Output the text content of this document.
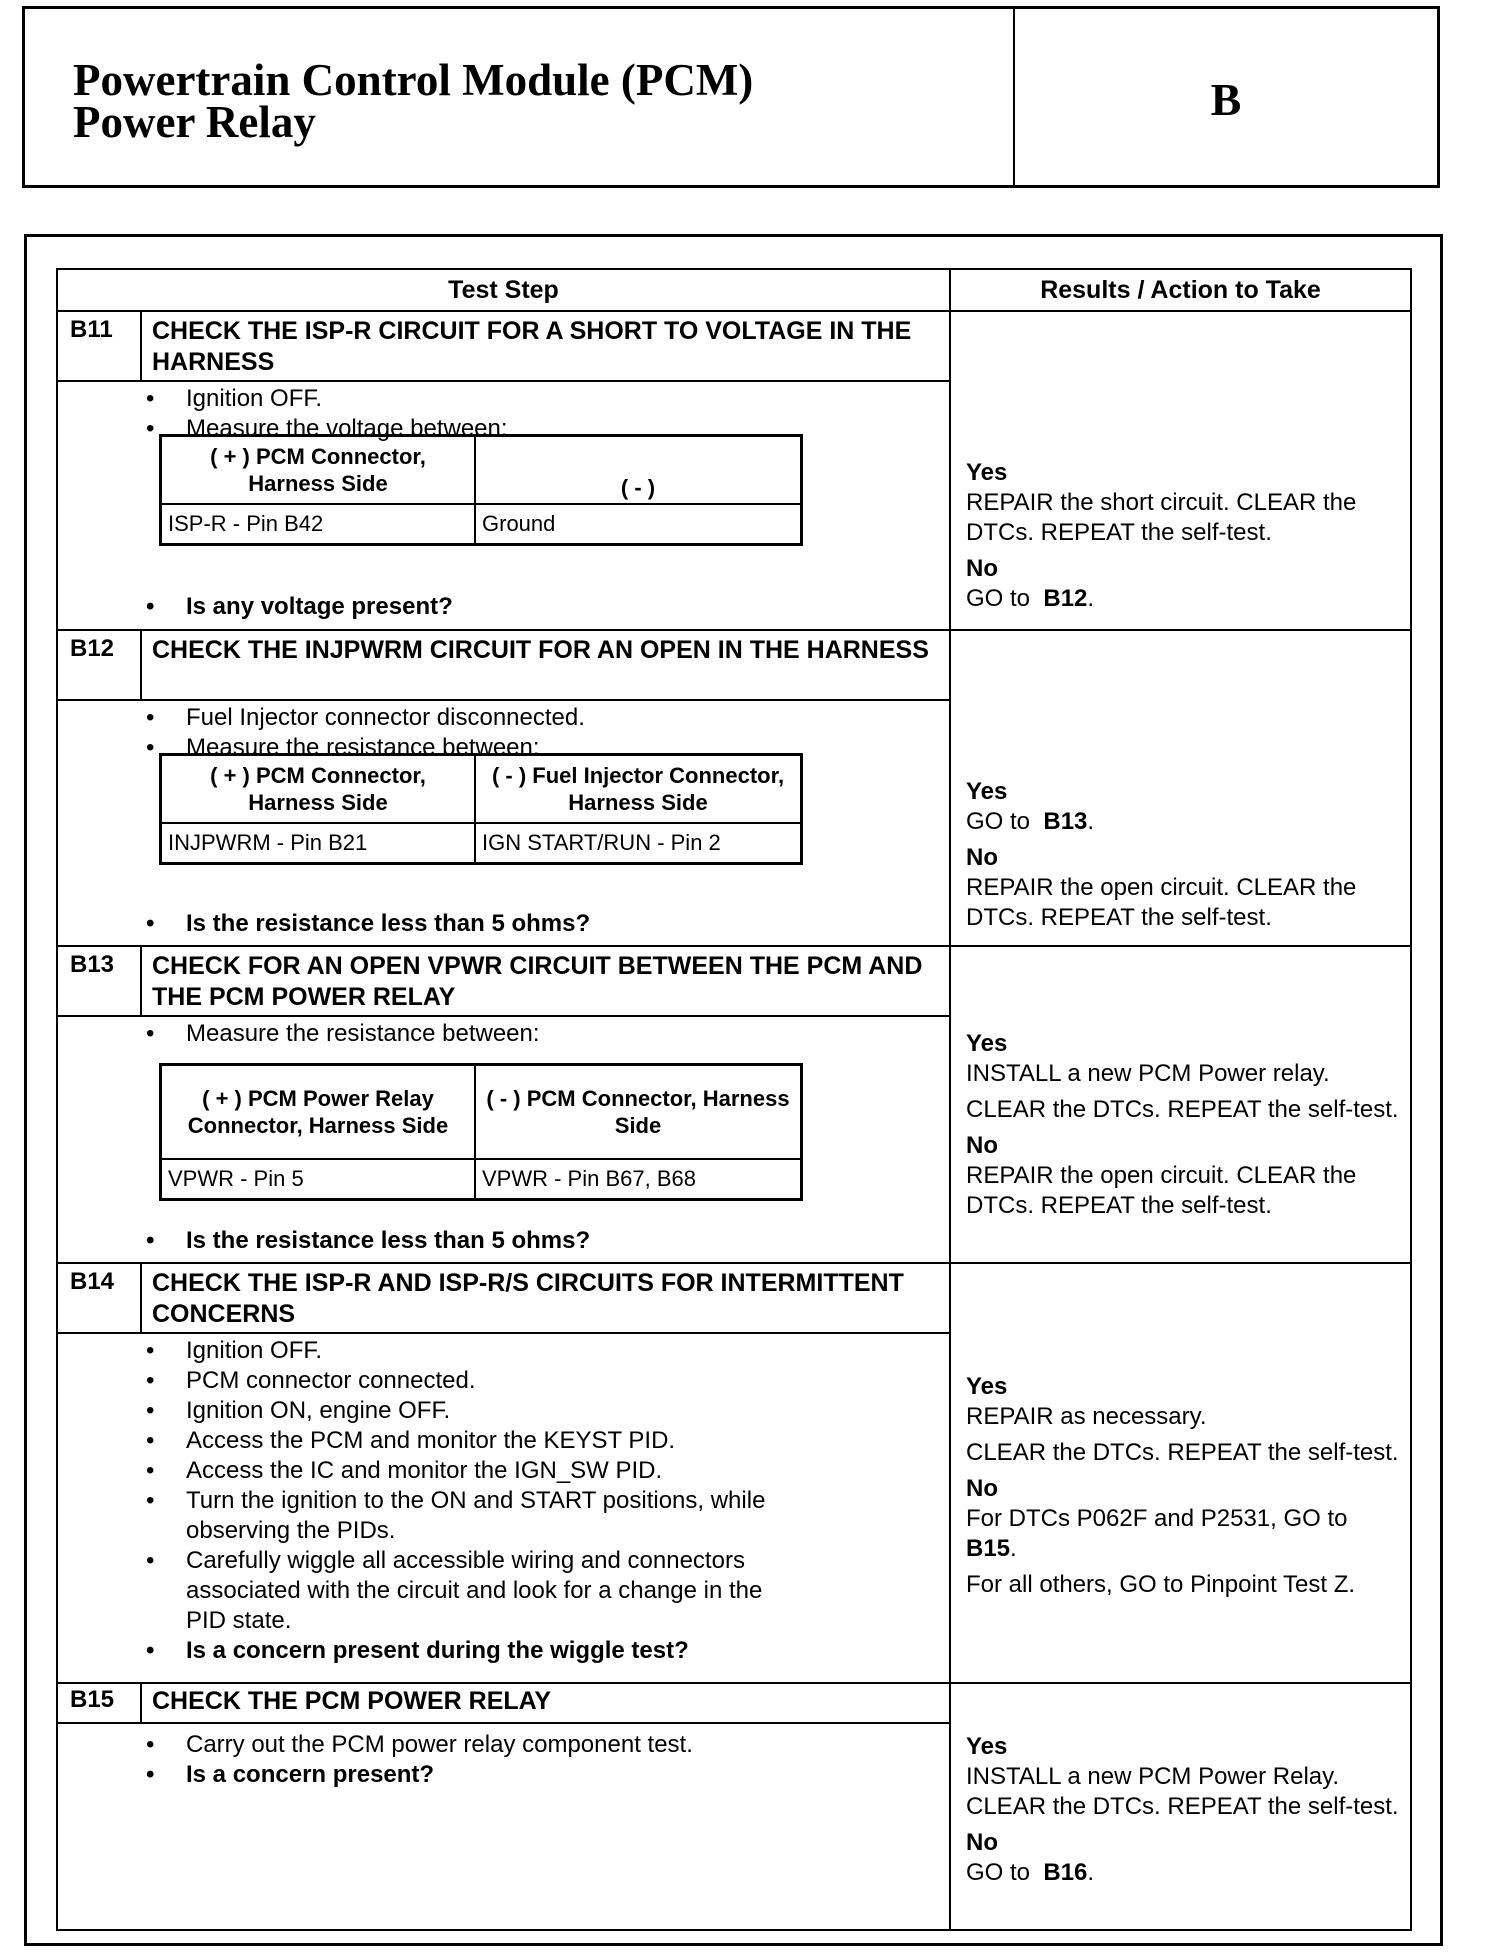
Powertrain Control Module (PCM)
Power Relay	B
Test Step	Results / Action to Take
B11	CHECK THE ISP-R CIRCUIT FOR A SHORT TO VOLTAGE IN THE HARNESS
• Ignition OFF.
• Measure the voltage between:
( + ) PCM Connector, Harness Side	( - )
ISP-R - Pin B42	Ground
• Is any voltage present?
Yes

REPAIR the short circuit. CLEAR the DTCs. REPEAT the self-test.

No

GO to B12.

B12	CHECK THE INJPWRM CIRCUIT FOR AN OPEN IN THE HARNESS
• Fuel Injector connector disconnected.
• Measure the resistance between:
( + ) PCM Connector, Harness Side	( - ) Fuel Injector Connector, Harness Side
INJPWRM - Pin B21	IGN START/RUN - Pin 2
• Is the resistance less than 5 ohms?
Yes

GO to B13.

No

REPAIR the open circuit. CLEAR the DTCs. REPEAT the self-test.

B13	CHECK FOR AN OPEN VPWR CIRCUIT BETWEEN THE PCM AND THE PCM POWER RELAY
• Measure the resistance between:
( + ) PCM Power Relay Connector, Harness Side	( - ) PCM Connector, Harness Side
VPWR - Pin 5	VPWR - Pin B67, B68
• Is the resistance less than 5 ohms?
Yes

INSTALL a new PCM Power relay.

CLEAR the DTCs. REPEAT the self-test.

No

REPAIR the open circuit. CLEAR the DTCs. REPEAT the self-test.

B14	CHECK THE ISP-R AND ISP-R/S CIRCUITS FOR INTERMITTENT CONCERNS
• Ignition OFF.
• PCM connector connected.
• Ignition ON, engine OFF.
• Access the PCM and monitor the KEYST PID.
• Access the IC and monitor the IGN_SW PID.
• Turn the ignition to the ON and START positions, while observing the PIDs.
• Carefully wiggle all accessible wiring and connectors associated with the circuit and look for a change in the PID state.
• Is a concern present during the wiggle test?
Yes

REPAIR as necessary.

CLEAR the DTCs. REPEAT the self-test.

No

For DTCs P062F and P2531, GO to  B15.

For all others, GO to Pinpoint Test Z.

B15	CHECK THE PCM POWER RELAY
• Carry out the PCM power relay component test.
• Is a concern present?
Yes

INSTALL a new PCM Power Relay. CLEAR the DTCs. REPEAT the self-test.

No

GO to B16.
